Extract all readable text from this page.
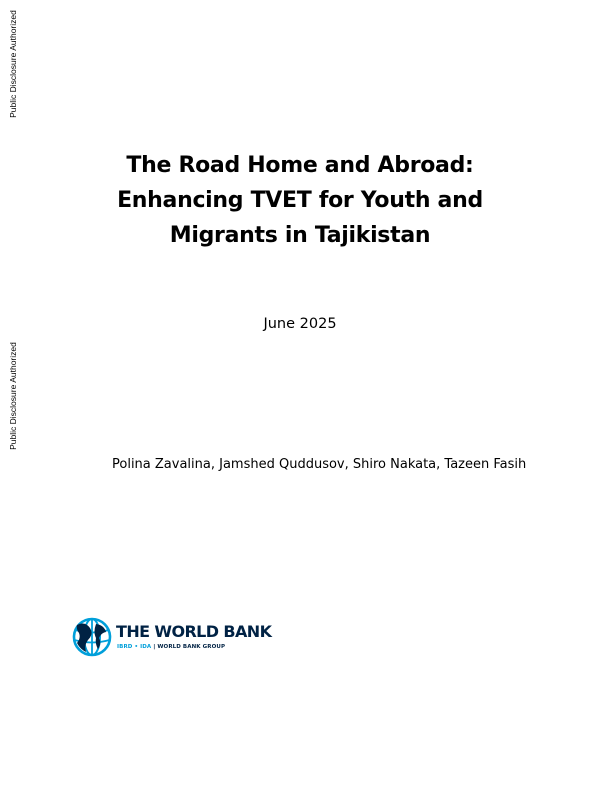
Public Disclosure Authorized
Public Disclosure Authorized
The Road Home and Abroad:
Enhancing TVET for Youth and
Migrants in Tajikistan
June 2025
Polina Zavalina, Jamshed Quddusov, Shiro Nakata, Tazeen Fasih
THE WORLD BANK
IBRD • IDA | WORLD BANK GROUP
